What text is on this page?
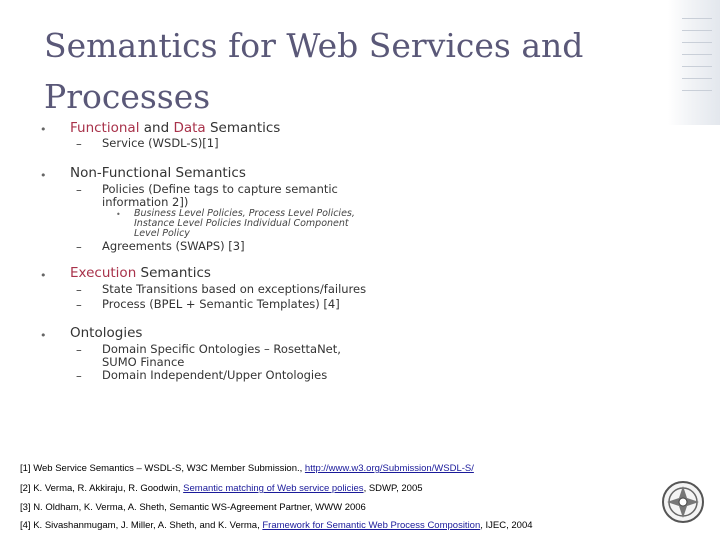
Semantics for Web Services and
Processes
• Functional and Data Semantics
– Service (WSDL-S)[1]
• Non-Functional Semantics
– Policies (Define tags to capture semantic
information 2])
• Business Level Policies, Process Level Policies,
Instance Level Policies Individual Component
Level Policy
– Agreements (SWAPS) [3]
• Execution Semantics
– State Transitions based on exceptions/failures
– Process (BPEL + Semantic Templates) [4]
• Ontologies
– Domain Specific Ontologies – RosettaNet,
SUMO Finance
– Domain Independent/Upper Ontologies
[1] Web Service Semantics – WSDL-S, W3C Member Submission., http://www.w3.org/Submission/WSDL-S/
[2] K. Verma, R. Akkiraju, R. Goodwin, Semantic matching of Web service policies, SDWP, 2005
[3] N. Oldham, K. Verma, A. Sheth, Semantic WS-Agreement Partner, WWW 2006
[4] K. Sivashanmugam, J. Miller, A. Sheth, and K. Verma, Framework for Semantic Web Process Composition, IJEC, 2004
